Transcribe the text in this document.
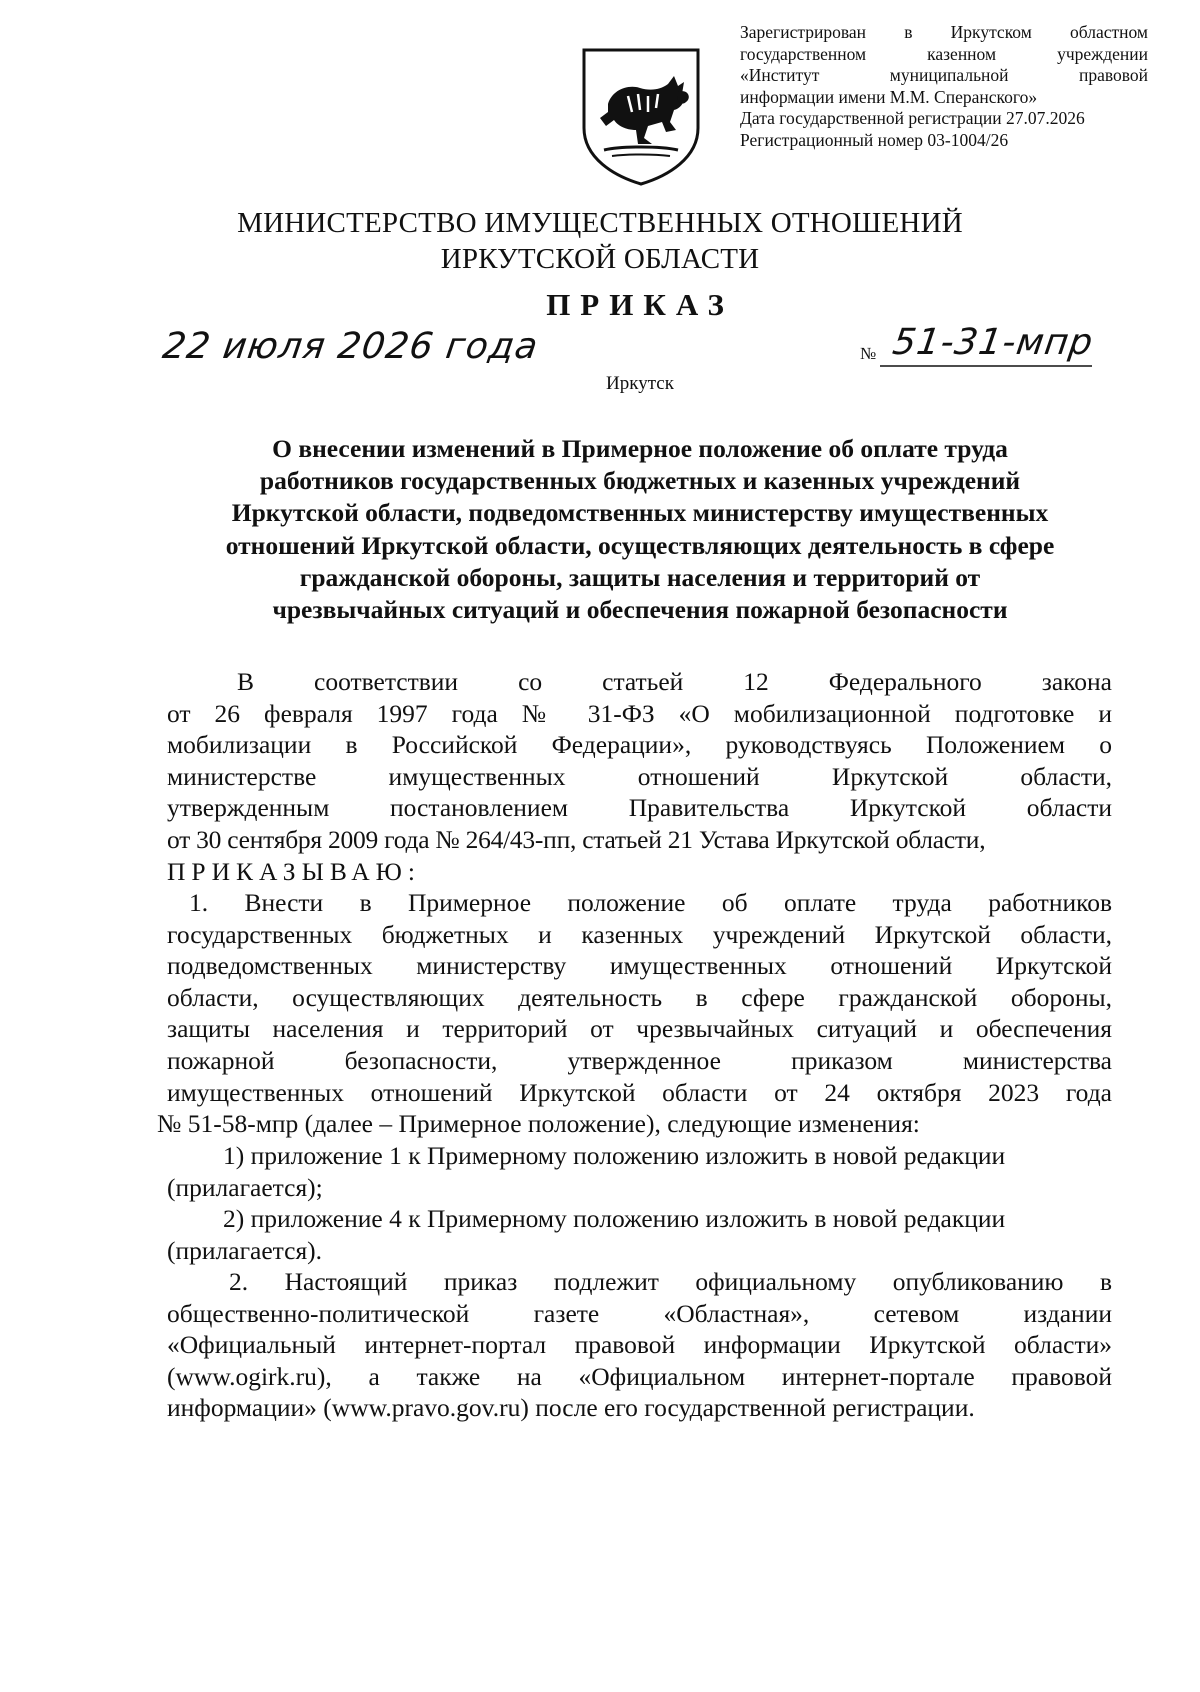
Зарегистрирован в Иркутском областном
государственном казенном учреждении
«Институт муниципальной правовой
информации имени М.М. Сперанского»
Дата государственной регистрации 27.07.2026
Регистрационный номер 03-1004/26
МИНИСТЕРСТВО ИМУЩЕСТВЕННЫХ ОТНОШЕНИЙ
ИРКУТСКОЙ ОБЛАСТИ
ПРИКАЗ
22 июля 2026 года	№ 51-31-мпр
Иркутск
О внесении изменений в Примерное положение об оплате труда
работников государственных бюджетных и казенных учреждений
Иркутской области, подведомственных министерству имущественных
отношений Иркутской области, осуществляющих деятельность в сфере
гражданской обороны, защиты населения и территорий от
чрезвычайных ситуаций и обеспечения пожарной безопасности
В соответствии со статьей 12 Федерального закона
от 26 февраля 1997 года № 31-ФЗ «О мобилизационной подготовке и
мобилизации в Российской Федерации», руководствуясь Положением о
министерстве имущественных отношений Иркутской области,
утвержденным постановлением Правительства Иркутской области
от 30 сентября 2009 года № 264/43-пп, статьей 21 Устава Иркутской области,
ПРИКАЗЫВАЮ:
1. Внести в Примерное положение об оплате труда работников
государственных бюджетных и казенных учреждений Иркутской области,
подведомственных министерству имущественных отношений Иркутской
области, осуществляющих деятельность в сфере гражданской обороны,
защиты населения и территорий от чрезвычайных ситуаций и обеспечения
пожарной безопасности, утвержденное приказом министерства
имущественных отношений Иркутской области от 24 октября 2023 года
№ 51-58-мпр (далее – Примерное положение), следующие изменения:
1) приложение 1 к Примерному положению изложить в новой редакции
(прилагается);
2) приложение 4 к Примерному положению изложить в новой редакции
(прилагается).
2. Настоящий приказ подлежит официальному опубликованию в
общественно-политической газете «Областная», сетевом издании
«Официальный интернет-портал правовой информации Иркутской области»
(www.ogirk.ru), а также на «Официальном интернет-портале правовой
информации» (www.pravo.gov.ru) после его государственной регистрации.
